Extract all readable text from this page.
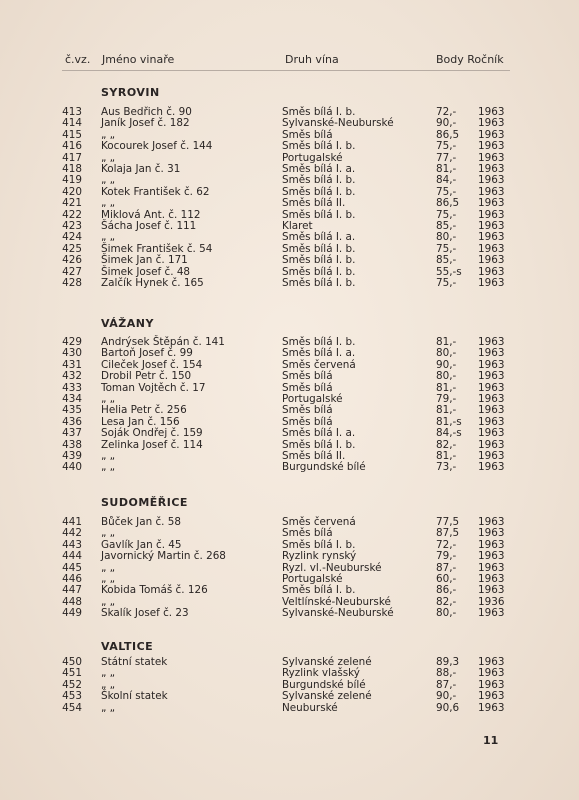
č.vz. Jméno vinaře	Druh vína	Body Ročník
SYROVIN
413 Aus Bedřich č. 90	Směs bílá I. b.	72,-	1963
414 Janík Josef č. 182	Sylvanské-Neuburské	90,-	1963
415 „ „	Směs bílá	86,5	1963
416 Kocourek Josef č. 144	Směs bílá I. b.	75,-	1963
417 „ „	Portugalské	77,-	1963
418 Kolaja Jan č. 31	Směs bílá I. a.	81,-	1963
419 „ „	Směs bílá I. b.	84,-	1963
420 Kotek František č. 62	Směs bílá I. b.	75,-	1963
421 „ „	Směs bílá II.	86,5	1963
422 Miklová Ant. č. 112	Směs bílá I. b.	75,-	1963
423 Šácha Josef č. 111	Klaret	85,-	1963
424 „ „	Směs bílá I. a.	80,-	1963
425 Šimek František č. 54	Směs bílá I. b.	75,-	1963
426 Šimek Jan č. 171	Směs bílá I. b.	85,-	1963
427 Šimek Josef č. 48	Směs bílá I. b.	55,-s	1963
428 Zalčík Hynek č. 165	Směs bílá I. b.	75,-	1963
VÁŽANY
429 Andrýsek Štěpán č. 141	Směs bílá I. b.	81,-	1963
430 Bartoň Josef č. 99	Směs bílá I. a.	80,-	1963
431 Cileček Josef č. 154	Směs červená	90,-	1963
432 Drobil Petr č. 150	Směs bílá	80,-	1963
433 Toman Vojtěch č. 17	Směs bílá	81,-	1963
434 „ „	Portugalské	79,-	1963
435 Helia Petr č. 256	Směs bílá	81,-	1963
436 Lesa Jan č. 156	Směs bílá	81,-s	1963
437 Soják Ondřej č. 159	Směs bílá I. a.	84,-s	1963
438 Zelinka Josef č. 114	Směs bílá I. b.	82,-	1963
439 „ „	Směs bílá II.	81,-	1963
440 „ „	Burgundské bílé	73,-	1963
SUDOMĚŘICE
441 Bůček Jan č. 58	Směs červená	77,5	1963
442 „ „	Směs bílá	87,5	1963
443 Gavlík Jan č. 45	Směs bílá I. b.	72,-	1963
444 Javornický Martin č. 268	Ryzlink rynský	79,-	1963
445 „ „	Ryzl. vl.-Neuburské	87,-	1963
446 „ „	Portugalské	60,-	1963
447 Kobida Tomáš č. 126	Směs bílá I. b.	86,-	1963
448 „ „	Veltlínské-Neuburské	82,-	1936
449 Skalík Josef č. 23	Sylvanské-Neuburské	80,-	1963
VALTICE
450 Státní statek	Sylvanské zelené	89,3	1963
451 „ „	Ryzlink vlašský	88,-	1963
452 „ „	Burgundské bílé	87,-	1963
453 Školní statek	Sylvanské zelené	90,-	1963
454 „ „	Neuburské	90,6	1963
11
